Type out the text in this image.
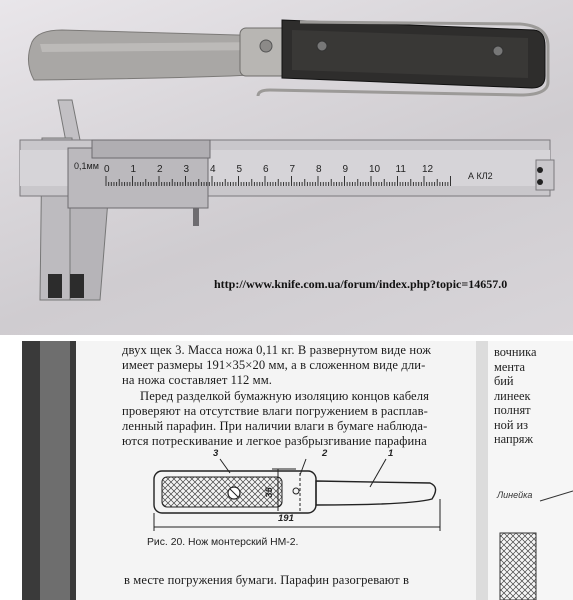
0,1мм 0 1 2 3 4 5 6 7 8 9 10 11 12
А КЛ2
http://www.knife.com.ua/forum/index.php?topic=14657.0
двух щек 3. Масса ножа 0,11 кг. В развернутом виде нож
имеет размеры 191×35×20 мм, а в сложенном виде дли-
на ножа составляет 112 мм.
Перед разделкой бумажную изоляцию концов кабеля
проверяют на отсутствие влаги погружением в расплав-
ленный парафин. При наличии влаги в бумаге наблюда-
ются потрескивание и легкое разбрызгивание парафина
вочника
мента
бий
линеек
полнят
ной из
напряж
Линейка
3	2	1
35
191
Рис. 20. Нож монтерский НМ-2.
в месте погружения бумаги. Парафин разогревают в
